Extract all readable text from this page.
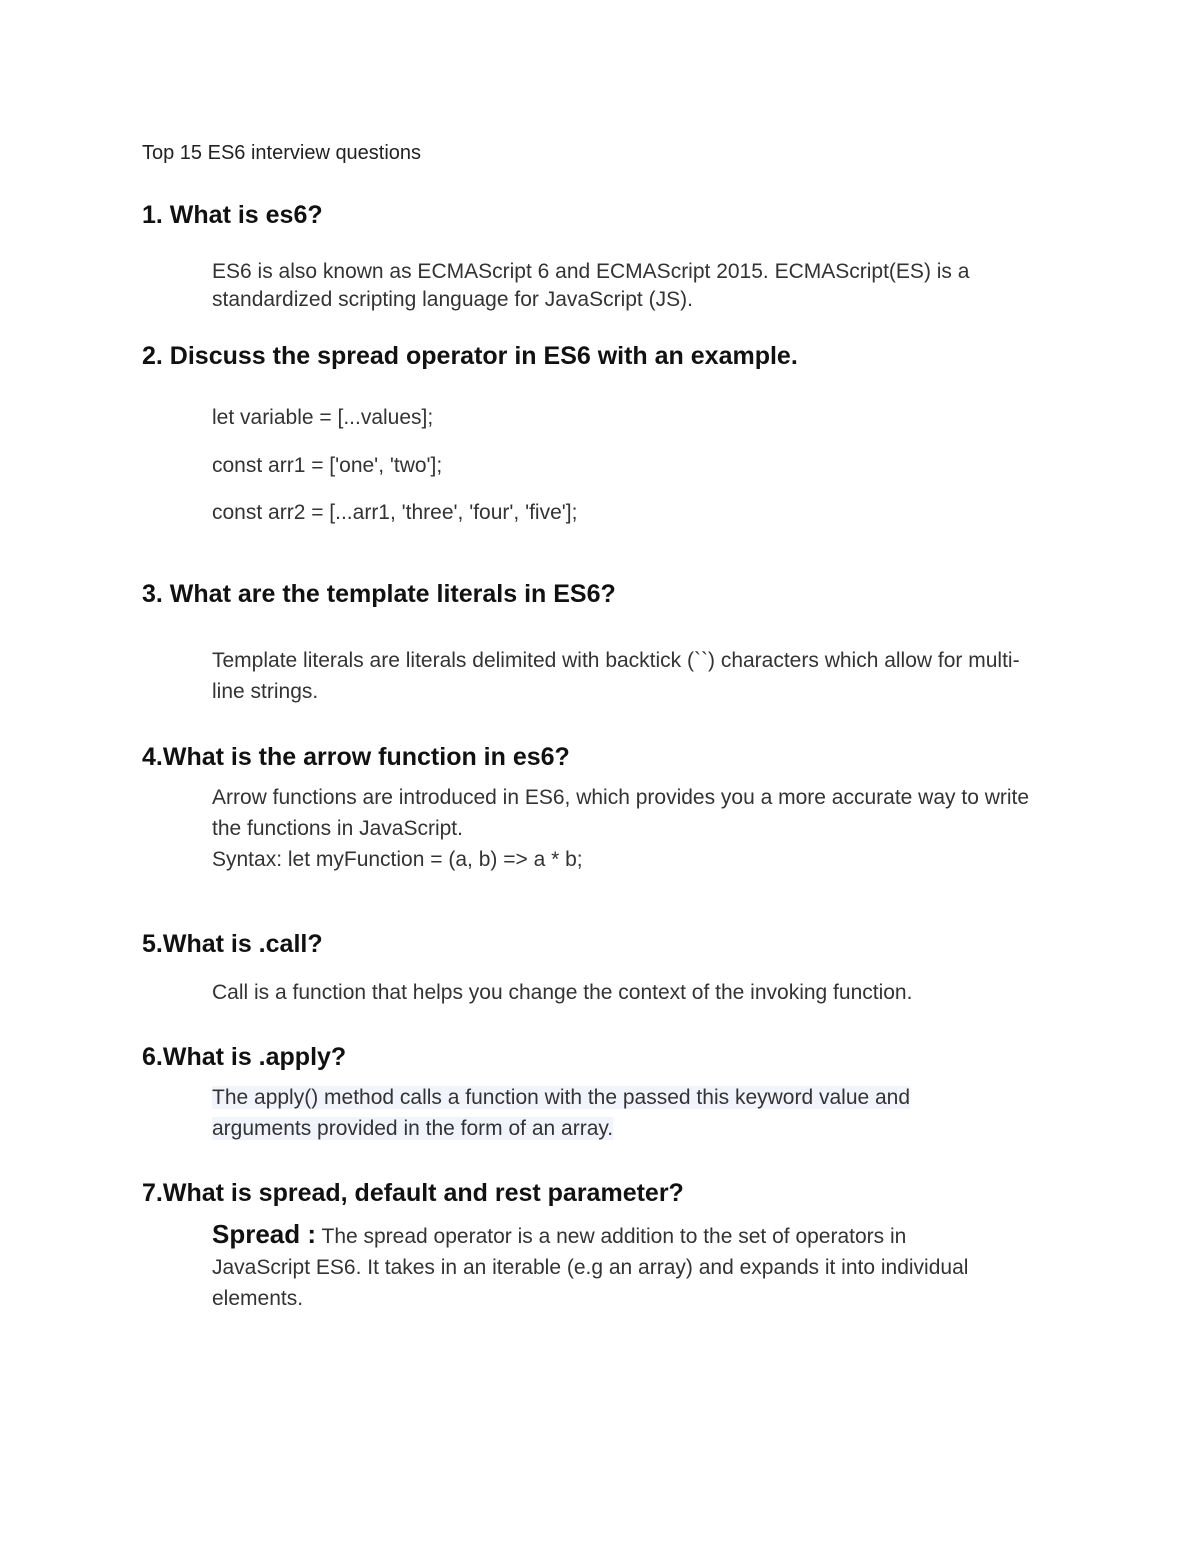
Top 15 ES6 interview questions
1. What is es6?
ES6 is also known as ECMAScript 6 and ECMAScript 2015. ECMAScript(ES) is a standardized scripting language for JavaScript (JS).
2. Discuss the spread operator in ES6 with an example.
let variable = [...values];
const arr1 = ['one', 'two'];
const arr2 = [...arr1, 'three', 'four', 'five'];
3. What are the template literals in ES6?
Template literals are literals delimited with backtick (``) characters which allow for multi-line strings.
4.What is the arrow function in es6?
Arrow functions are introduced in ES6, which provides you a more accurate way to write the functions in JavaScript.
Syntax: let myFunction = (a, b) => a * b;
5.What is .call?
Call is a function that helps you change the context of the invoking function.
6.What is .apply?
The apply() method calls a function with the passed this keyword value and
arguments provided in the form of an array.
7.What is spread, default and rest parameter?
Spread : The spread operator is a new addition to the set of operators in JavaScript ES6. It takes in an iterable (e.g an array) and expands it into individual elements.
